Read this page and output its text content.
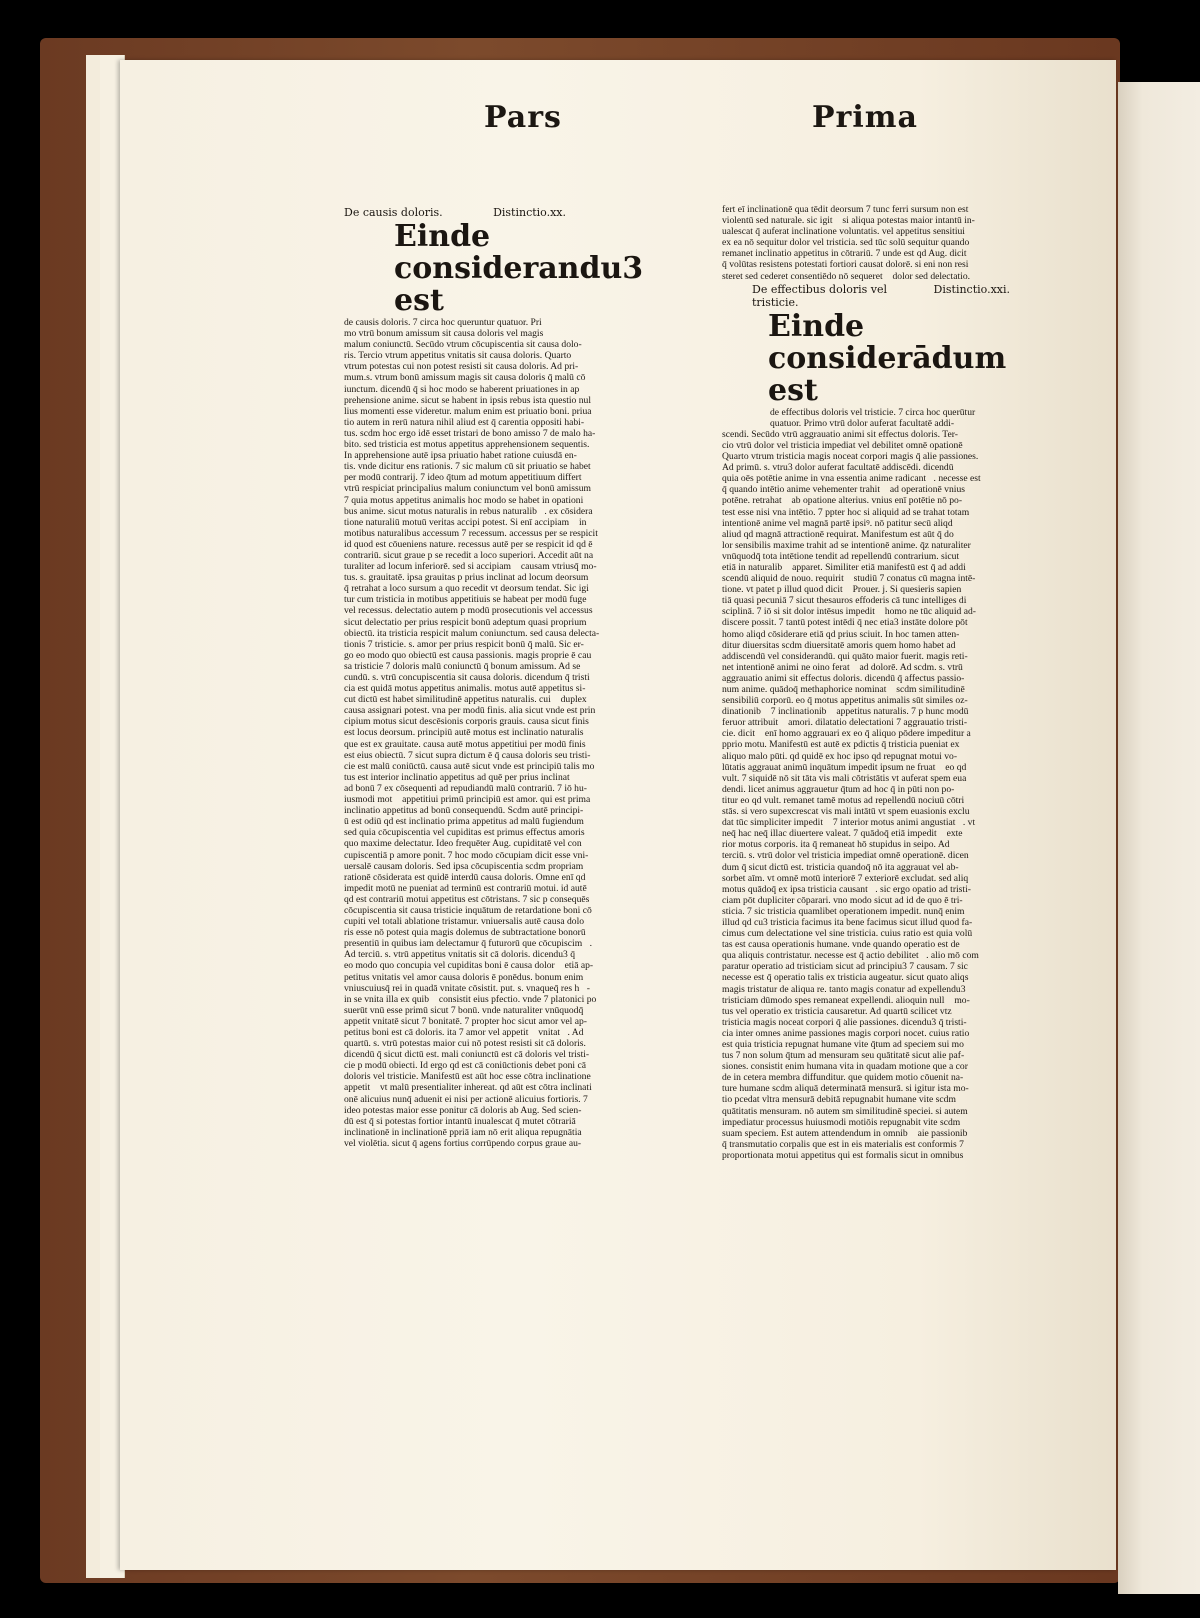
Pars	Prima
De causis doloris.	Distinctio.xx.
Einde considerandu3 est
de causis doloris. 7 circa hoc queruntur quatuor. Pri
mo vtrū bonum amissum sit causa doloris vel magis
malum coniunctū. Secūdo vtrum cōcupiscentia sit causa dolo-
ris. Tercio vtrum appetitus vnitatis sit causa doloris. Quarto
vtrum potestas cui non potest resisti sit causa doloris. Ad pri-
mum.s. vtrum bonū amissum magis sit causa doloris q̄ malū cō
iunctum. dicendū q̄ si hoc modo se haberent priuationes in ap
prehensione anime. sicut se habent in ipsis rebus ista questio nul
lius momenti esse videretur. malum enim est priuatio boni. priua
tio autem in rerū natura nihil aliud est q̄ carentia oppositi habi-
tus. scdm hoc ergo idē esset tristari de bono amisso 7 de malo ha-
bito. sed tristicia est motus appetitus apprehensionem sequentis.
In apprehensione autē ipsa priuatio habet ratione cuiusdā en-
tis. vnde dicitur ens rationis. 7 sic malum cū sit priuatio se habet
per modū contrarij. 7 ideo q̄tum ad motum appetitiuum differt
vtrū respiciat principalius malum coniunctum vel bonū amissum
7 quia motus appetitus animalis hoc modo se habet in opationi
bus anime. sicut motus naturalis in rebus naturalib᷑. ex cōsidera
tione naturaliū motuū veritas accipi potest. Si enī accipiam᷑ in
motibus naturalibus accessum 7 recessum. accessus per se respicit
id quod est cōueniens nature. recessus autē per se respicit id qd ē
contrariū. sicut graue p se recedit a loco superiori. Accedit aūt na
turaliter ad locum inferiorē. sed si accipiam᷑ causam vtriusq̄ mo-
tus. s. grauitatē. ipsa grauitas p prius inclinat ad locum deorsum
q̄ retrahat a loco sursum a quo recedit vt deorsum tendat. Sic igi
tur cum tristicia in motibus appetitiuis se habeat per modū fuge
vel recessus. delectatio autem p modū prosecutionis vel accessus
sicut delectatio per prius respicit bonū adeptum quasi proprium
obiectū. ita tristicia respicit malum coniunctum. sed causa delecta-
tionis 7 tristicie. s. amor per prius respicit bonū q̄ malū. Sic er-
go eo modo quo obiectū est causa passionis. magis proprie ē cau
sa tristicie 7 doloris malū coniunctū q̄ bonum amissum. Ad se
cundū. s. vtrū concupiscentia sit causa doloris. dicendum q̄ tristi
cia est quidā motus appetitus animalis. motus autē appetitus si-
cut dictū est habet similitudinē appetitus naturalis. cui᷑ duplex
causa assignari potest. vna per modū finis. alia sicut vnde est prin
cipium motus sicut descēsionis corporis grauis. causa sicut finis
est locus deorsum. principiū autē motus est inclinatio naturalis
que est ex grauitate. causa autē motus appetitiui per modū finis
est eius obiectū. 7 sicut supra dictum ē q̄ causa doloris seu tristi-
cie est malū coniūctū. causa autē sicut vnde est principiū talis mo
tus est interior inclinatio appetitus ad quē per prius inclinat᷑
ad bonū 7 ex cōsequenti ad repudiandū malū contrariū. 7 iō hu-
iusmodi mot᷑ appetitiui primū principiū est amor. qui est prima
inclinatio appetitus ad bonū consequendū. Scdm autē principi-
ū est odiū qd est inclinatio prima appetitus ad malū fugiendum
sed quia cōcupiscentia vel cupiditas est primus effectus amoris
quo maxime delectatur. Ideo frequēter Aug. cupiditatē vel con
cupiscentiā p amore ponit. 7 hoc modo cōcupiam dicit esse vni-
uersalē causam doloris. Sed ipsa cōcupiscentia scdm propriam
rationē cōsiderata est quidē interdū causa doloris. Omne enī qd
impedit motū ne pueniat ad terminū est contrariū motui. id autē
qd est contrariū motui appetitus est cōtristans. 7 sic p consequēs
cōcupiscentia sit causa tristicie inquātum de retardatione boni cō
cupiti vel totali ablatione tristamur. vniuersalis autē causa dolo
ris esse nō potest quia magis dolemus de subtractatione bonorū
presentiū in quibus iam delectamur q̄ futurorū que cōcupiscim᷑.
Ad terciū. s. vtrū appetitus vnitatis sit cā doloris. dicendu3 q̄
eo modo quo concupia vel cupiditas boni ē causa dolor᷑ etiā ap-
petitus vnitatis vel amor causa doloris ē ponēdus. bonum enim
vniuscuiusq̄ rei in quadā vnitate cōsistit. put. s. vnaqueq̄ res h᷑-
in se vnita illa ex quib᷑ consistit eius pfectio. vnde 7 platonici po
suerūt vnū esse primū sicut 7 bonū. vnde naturaliter vnūquodq̄
appetit vnitatē sicut 7 bonitatē. 7 propter hoc sicut amor vel ap-
petitus boni est cā doloris. ita 7 amor vel appetit᷑ vnitat᷑. Ad
quartū. s. vtrū potestas maior cui nō potest resisti sit cā doloris.
dicendū q̄ sicut dictū est. mali coniunctū est cā doloris vel tristi-
cie p modū obiecti. Id ergo qd est cā coniūctionis debet poni cā
doloris vel tristicie. Manifestū est aūt hoc esse cōtra inclinatione
appetit᷑ vt malū presentialiter inhereat. qd aūt est cōtra inclinati
onē alicuius nunq̄ aduenit ei nisi per actionē alicuius fortioris. 7
ideo potestas maior esse ponitur cā doloris ab Aug. Sed scien-
dū est q̄ si potestas fortior intantū inualescat q̄ mutet cōtrariā
inclinationē in inclinationē ppriā iam nō erit aliqua repugnātia
vel violētia. sicut q̄ agens fortius corrūpendo corpus graue au-
fert eī inclinationē qua tēdit deorsum 7 tunc ferri sursum non est
violentū sed naturale. sic igit᷑ si aliqua potestas maior intantū in-
ualescat q̄ auferat inclinatione voluntatis. vel appetitus sensitiui
ex ea nō sequitur dolor vel tristicia. sed tūc solū sequitur quando
remanet inclinatio appetitus in cōtrariū. 7 unde est qd Aug. dicit
q̄ volūtas resistens potestati fortiori causat dolorē. si eni non resi
steret sed cederet consentiēdo nō sequeret᷑ dolor sed delectatio.
De effectibus doloris vel tristicie.
Distinctio.xxi.
Einde considerādum est
de effectibus doloris vel tristicie. 7 circa hoc querūtur
quatuor. Primo vtrū dolor auferat facultatē addi-
scendi. Secūdo vtrū aggrauatio animi sit effectus doloris. Ter-
cio vtrū dolor vel tristicia impediat vel debilitet omnē opationē
Quarto vtrum tristicia magis noceat corpori magis q̄ alie passiones.
Ad primū. s. vtru3 dolor auferat facultatē addiscēdi. dicendū
quia oēs potētie anime in vna essentia anime radicant᷑. necesse est
q̄ quando intētio anime vehementer trahit᷑ ad operationē vnius
potēne. retrahat᷑ ab opatione alterius. vnius enī potētie nō po-
test esse nisi vna intētio. 7 ppter hoc si aliquid ad se trahat totam
intentionē anime vel magnā partē ipsiꝰ. nō patitur secū aliqd
aliud qd magnā attractionē requirat. Manifestum est aūt q̄ do
lor sensibilis maxime trahit ad se intentionē anime. q̄z naturaliter
vnūquodq̄ tota intētione tendit ad repellendū contrarium. sicut
etiā in naturalib᷑ apparet. Similiter etiā manifestū est q̄ ad addi
scendū aliquid de nouo. requirit᷑ studiū 7 conatus cū magna intē-
tione. vt patet p illud quod dicit᷑ Prouer. j. Si quesieris sapien
tiā quasi pecuniā 7 sicut thesauros effoderis cā tunc intelliges di
sciplinā. 7 iō si sit dolor intēsus impedit᷑ homo ne tūc aliquid ad-
discere possit. 7 tantū potest intēdi q̄ nec etia3 instāte dolore pōt
homo aliqd cōsiderare etiā qd prius sciuit. In hoc tamen atten-
ditur diuersitas scdm diuersitatē amoris quem homo habet ad
addiscendū vel considerandū. qui quāto maior fuerit. magis reti-
net intentionē animi ne oino ferat᷑ ad dolorē. Ad scdm. s. vtrū
aggrauatio animi sit effectus doloris. dicendū q̄ affectus passio-
num anime. quādoq̄ methaphorice nominat᷑ scdm similitudinē
sensibiliū corporū. eo q̄ motus appetitus animalis sūt similes oz-
dinationib᷑ 7 inclinationib᷑ appetitus naturalis. 7 p hunc modū
feruor attribuit᷑ amori. dilatatio delectationi 7 aggrauatio tristi-
cie. dicit᷑ enī homo aggrauari ex eo q̄ aliquo pōdere impeditur a
pprio motu. Manifestū est autē ex pdictis q̄ tristicia pueniat ex
aliquo malo pūti. qd quidē ex hoc ipso qd repugnat motui vo-
lūtatis aggrauat animū inquātum impedit ipsum ne fruat᷑ eo qd
vult. 7 siquidē nō sit tāta vis mali cōtristātis vt auferat spem eua
dendi. licet animus aggrauetur q̄tum ad hoc q̄ in pūti non po-
titur eo qd vult. remanet tamē motus ad repellendū nociuū cōtri
stās. si vero supexcrescat vis mali intātū vt spem euasionis exclu
dat tūc simpliciter impedit᷑ 7 interior motus animi angustiat᷑. vt
neq̄ hac neq̄ illac diuertere valeat. 7 quādoq̄ etiā impedit᷑ exte
rior motus corporis. ita q̄ remaneat hō stupidus in seipo. Ad
terciū. s. vtrū dolor vel tristicia impediat omnē operationē. dicen
dum q̄ sicut dictū est. tristicia quandoq̄ nō ita aggrauat vel ab-
sorbet aīm. vt omnē motū interiorē 7 exteriorē excludat. sed aliq
motus quādoq̄ ex ipsa tristicia causant᷑. sic ergo opatio ad tristi-
ciam pōt dupliciter cōparari. vno modo sicut ad id de quo ē tri-
sticia. 7 sic tristicia quamlibet operationem impedit. nunq̄ enim
illud qd cu3 tristicia facimus ita bene facimus sicut illud quod fa-
cimus cum delectatione vel sine tristicia. cuius ratio est quia volū
tas est causa operationis humane. vnde quando operatio est de
qua aliquis contristatur. necesse est q̄ actio debilitet᷑. alio mō com
paratur operatio ad tristiciam sicut ad principiu3 7 causam. 7 sic
necesse est q̄ operatio talis ex tristicia augeatur. sicut quato aliqs
magis tristatur de aliqua re. tanto magis conatur ad expellendu3
tristiciam dūmodo spes remaneat expellendi. alioquin null᷑ mo-
tus vel operatio ex tristicia causaretur. Ad quartū scilicet vtz
tristicia magis noceat corpori q̄ alie passiones. dicendu3 q̄ tristi-
cia inter omnes anime passiones magis corpori nocet. cuius ratio
est quia tristicia repugnat humane vite q̄tum ad speciem sui mo
tus 7 non solum q̄tum ad mensuram seu quātitatē sicut alie paf-
siones. consistit enim humana vita in quadam motione que a cor
de in cetera membra diffunditur. que quidem motio cōuenit na-
ture humane scdm aliquā determinatā mensurā. si igitur ista mo-
tio pcedat vltra mensurā debitā repugnabit humane vite scdm
quātitatis mensuram. nō autem sm similitudinē speciei. si autem
impediatur processus huiusmodi motiōis repugnabit vite scdm
suam speciem. Est autem attendendum in omnib᷑ aie passionib᷑
q̄ transmutatio corpalis que est in eis materialis est conformis 7
proportionata motui appetitus qui est formalis sicut in omnibus
